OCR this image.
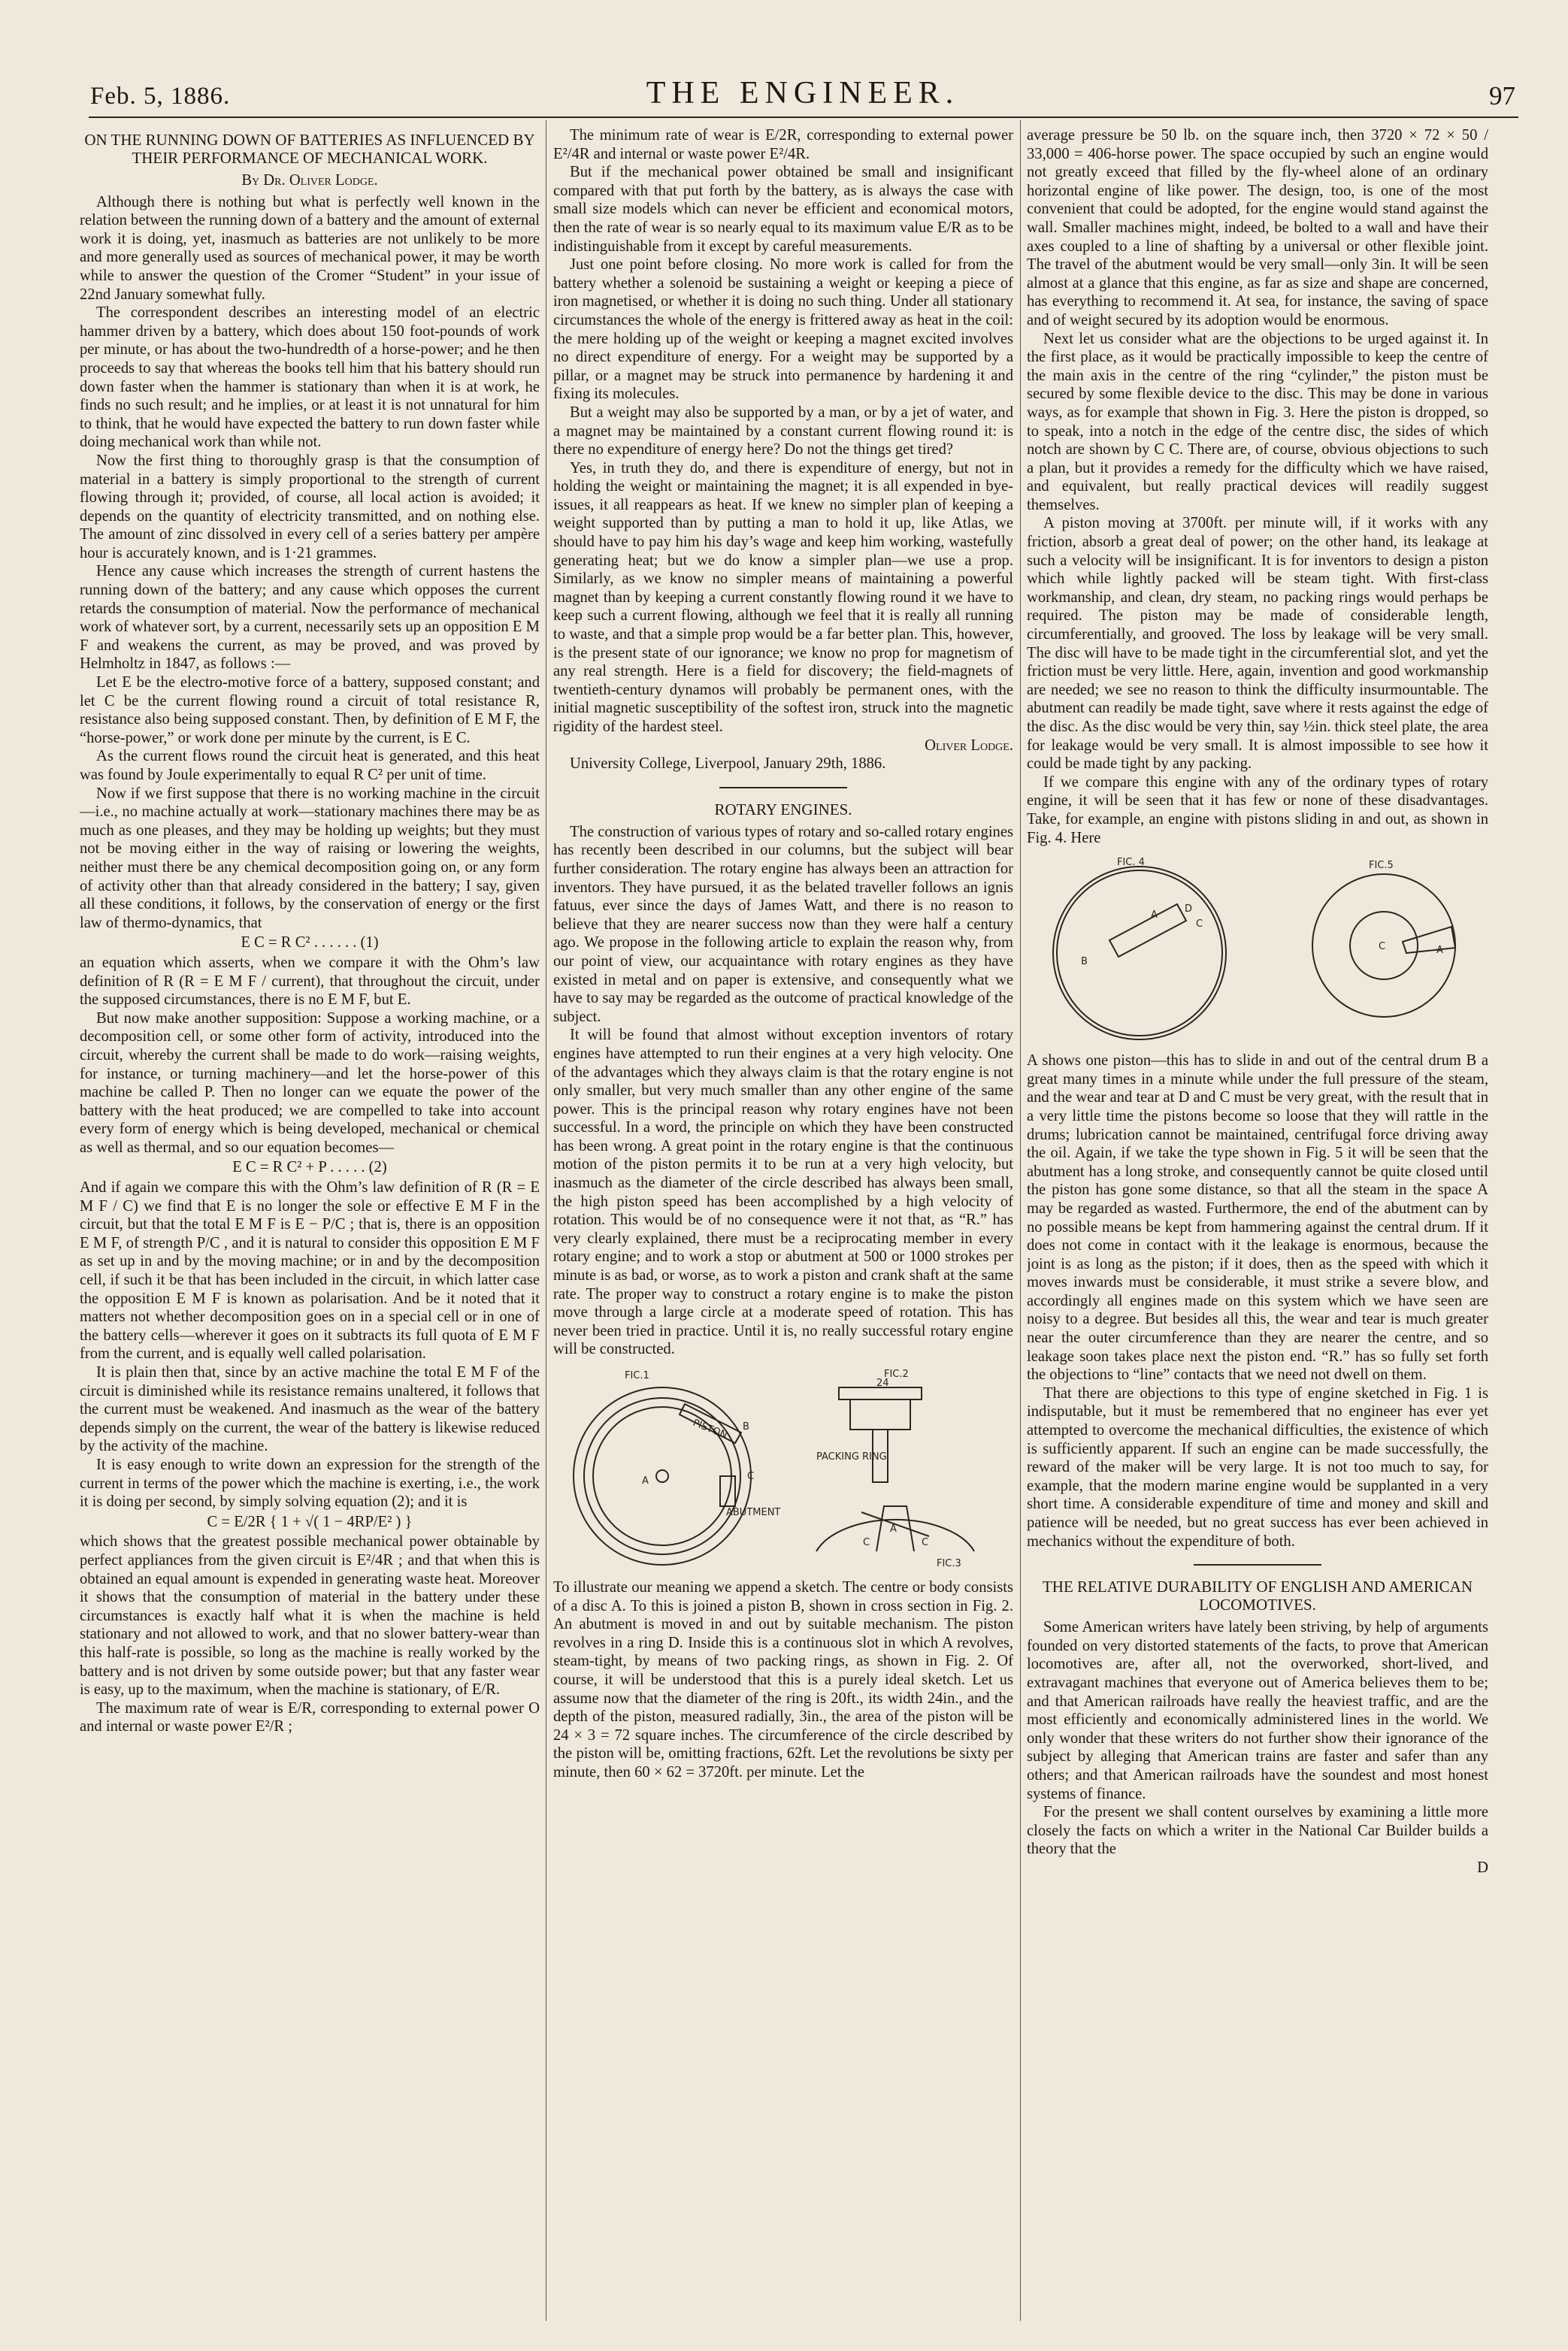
Feb. 5, 1886.	THE ENGINEER.	97
ON THE RUNNING DOWN OF BATTERIES AS INFLUENCED BY THEIR PERFORMANCE OF MECHANICAL WORK.
By Dr. Oliver Lodge.

Although there is nothing but what is perfectly well known in the relation between the running down of a battery and the amount of external work it is doing, yet, inasmuch as batteries are not unlikely to be more and more generally used as sources of mechanical power, it may be worth while to answer the question of the Cromer “Student” in your issue of 22nd January somewhat fully.

The correspondent describes an interesting model of an electric hammer driven by a battery, which does about 150 foot-pounds of work per minute, or has about the two-hundredth of a horse-power; and he then proceeds to say that whereas the books tell him that his battery should run down faster when the hammer is stationary than when it is at work, he finds no such result; and he implies, or at least it is not unnatural for him to think, that he would have expected the battery to run down faster while doing mechanical work than while not.

Now the first thing to thoroughly grasp is that the consumption of material in a battery is simply proportional to the strength of current flowing through it; provided, of course, all local action is avoided; it depends on the quantity of electricity transmitted, and on nothing else. The amount of zinc dissolved in every cell of a series battery per ampère hour is accurately known, and is 1·21 grammes.

Hence any cause which increases the strength of current hastens the running down of the battery; and any cause which opposes the current retards the consumption of material. Now the performance of mechanical work of whatever sort, by a current, necessarily sets up an opposition E M F and weakens the current, as may be proved, and was proved by Helmholtz in 1847, as follows :—

Let E be the electro-motive force of a battery, supposed constant; and let C be the current flowing round a circuit of total resistance R, resistance also being supposed constant. Then, by definition of E M F, the “horse-power,” or work done per minute by the current, is E C.

As the current flows round the circuit heat is generated, and this heat was found by Joule experimentally to equal R C² per unit of time.

Now if we first suppose that there is no working machine in the circuit—i.e., no machine actually at work—stationary machines there may be as much as one pleases, and they may be holding up weights; but they must not be moving either in the way of raising or lowering the weights, neither must there be any chemical decomposition going on, or any form of activity other than that already considered in the battery; I say, given all these conditions, it follows, by the conservation of energy or the first law of thermo-dynamics, that

E C = R C² . . . . . . (1)

an equation which asserts, when we compare it with the Ohm’s law definition of R (R = E M F / current), that throughout the circuit, under the supposed circumstances, there is no E M F, but E.

But now make another supposition: Suppose a working machine, or a decomposition cell, or some other form of activity, introduced into the circuit, whereby the current shall be made to do work—raising weights, for instance, or turning machinery—and let the horse-power of this machine be called P. Then no longer can we equate the power of the battery with the heat produced; we are compelled to take into account every form of energy which is being developed, mechanical or chemical as well as thermal, and so our equation becomes—

E C = R C² + P . . . . . (2)

And if again we compare this with the Ohm’s law definition of R (R = E M F / C) we find that E is no longer the sole or effective E M F in the circuit, but that the total E M F is E − P/C ; that is, there is an opposition E M F, of strength P/C , and it is natural to consider this opposition E M F as set up in and by the moving machine; or in and by the decomposition cell, if such it be that has been included in the circuit, in which latter case the opposition E M F is known as polarisation. And be it noted that it matters not whether decomposition goes on in a special cell or in one of the battery cells—wherever it goes on it subtracts its full quota of E M F from the current, and is equally well called polarisation.

It is plain then that, since by an active machine the total E M F of the circuit is diminished while its resistance remains unaltered, it follows that the current must be weakened. And inasmuch as the wear of the battery depends simply on the current, the wear of the battery is likewise reduced by the activity of the machine.

It is easy enough to write down an expression for the strength of the current in terms of the power which the machine is exerting, i.e., the work it is doing per second, by simply solving equation (2); and it is

C = E/2R { 1 + √( 1 − 4RP/E² ) }

which shows that the greatest possible mechanical power obtainable by perfect appliances from the given circuit is E²/4R ; and that when this is obtained an equal amount is expended in generating waste heat. Moreover it shows that the consumption of material in the battery under these circumstances is exactly half what it is when the machine is held stationary and not allowed to work, and that no slower battery-wear than this half-rate is possible, so long as the machine is really worked by the battery and is not driven by some outside power; but that any faster wear is easy, up to the maximum, when the machine is stationary, of E/R.

The maximum rate of wear is E/R, corresponding to external power O and internal or waste power E²/R ;

The minimum rate of wear is E/2R, corresponding to external power E²/4R and internal or waste power E²/4R.

But if the mechanical power obtained be small and insignificant compared with that put forth by the battery, as is always the case with small size models which can never be efficient and economical motors, then the rate of wear is so nearly equal to its maximum value E/R as to be indistinguishable from it except by careful measurements.

Just one point before closing. No more work is called for from the battery whether a solenoid be sustaining a weight or keeping a piece of iron magnetised, or whether it is doing no such thing. Under all stationary circumstances the whole of the energy is frittered away as heat in the coil: the mere holding up of the weight or keeping a magnet excited involves no direct expenditure of energy. For a weight may be supported by a pillar, or a magnet may be struck into permanence by hardening it and fixing its molecules.

But a weight may also be supported by a man, or by a jet of water, and a magnet may be maintained by a constant current flowing round it: is there no expenditure of energy here? Do not the things get tired?

Yes, in truth they do, and there is expenditure of energy, but not in holding the weight or maintaining the magnet; it is all expended in bye-issues, it all reappears as heat. If we knew no simpler plan of keeping a weight supported than by putting a man to hold it up, like Atlas, we should have to pay him his day’s wage and keep him working, wastefully generating heat; but we do know a simpler plan—we use a prop. Similarly, as we know no simpler means of maintaining a powerful magnet than by keeping a current constantly flowing round it we have to keep such a current flowing, although we feel that it is really all running to waste, and that a simple prop would be a far better plan. This, however, is the present state of our ignorance; we know no prop for magnetism of any real strength. Here is a field for discovery; the field-magnets of twentieth-century dynamos will probably be permanent ones, with the initial magnetic susceptibility of the softest iron, struck into the magnetic rigidity of the hardest steel.

Oliver Lodge.

University College, Liverpool, January 29th, 1886.

ROTARY ENGINES.

The construction of various types of rotary and so-called rotary engines has recently been described in our columns, but the subject will bear further consideration. The rotary engine has always been an attraction for inventors. They have pursued, it as the belated traveller follows an ignis fatuus, ever since the days of James Watt, and there is no reason to believe that they are nearer success now than they were half a century ago. We propose in the following article to explain the reason why, from our point of view, our acquaintance with rotary engines as they have existed in metal and on paper is extensive, and consequently what we have to say may be regarded as the outcome of practical knowledge of the subject.

It will be found that almost without exception inventors of rotary engines have attempted to run their engines at a very high velocity. One of the advantages which they always claim is that the rotary engine is not only smaller, but very much smaller than any other engine of the same power. This is the principal reason why rotary engines have not been successful. In a word, the principle on which they have been constructed has been wrong. A great point in the rotary engine is that the continuous motion of the piston permits it to be run at a very high velocity, but inasmuch as the diameter of the circle described has always been small, the high piston speed has been accomplished by a high velocity of rotation. This would be of no consequence were it not that, as “R.” has very clearly explained, there must be a reciprocating member in every rotary engine; and to work a stop or abutment at 500 or 1000 strokes per minute is as bad, or worse, as to work a piston and crank shaft at the same rate. The proper way to construct a rotary engine is to make the piston move through a large circle at a moderate speed of rotation. This has never been tried in practice. Until it is, no really successful rotary engine will be constructed.

FIC.1	FIC.2
24
PISTON
PACKING RING
ABUTMENT
A
B
C
A
C	C
FIC.3

To illustrate our meaning we append a sketch. The centre or body consists of a disc A. To this is joined a piston B, shown in cross section in Fig. 2. An abutment is moved in and out by suitable mechanism. The piston revolves in a ring D. Inside this is a continuous slot in which A revolves, steam-tight, by means of two packing rings, as shown in Fig. 2. Of course, it will be understood that this is a purely ideal sketch. Let us assume now that the diameter of the ring is 20ft., its width 24in., and the depth of the piston, measured radially, 3in., the area of the piston will be 24 × 3 = 72 square inches. The circumference of the circle described by the piston will be, omitting fractions, 62ft. Let the revolutions be sixty per minute, then 60 × 62 = 3720ft. per minute. Let the

average pressure be 50 lb. on the square inch, then 3720 × 72 × 50 / 33,000 = 406-horse power. The space occupied by such an engine would not greatly exceed that filled by the fly-wheel alone of an ordinary horizontal engine of like power. The design, too, is one of the most convenient that could be adopted, for the engine would stand against the wall. Smaller machines might, indeed, be bolted to a wall and have their axes coupled to a line of shafting by a universal or other flexible joint. The travel of the abutment would be very small—only 3in. It will be seen almost at a glance that this engine, as far as size and shape are concerned, has everything to recommend it. At sea, for instance, the saving of space and of weight secured by its adoption would be enormous.

Next let us consider what are the objections to be urged against it. In the first place, as it would be practically impossible to keep the centre of the main axis in the centre of the ring “cylinder,” the piston must be secured by some flexible device to the disc. This may be done in various ways, as for example that shown in Fig. 3. Here the piston is dropped, so to speak, into a notch in the edge of the centre disc, the sides of which notch are shown by C C. There are, of course, obvious objections to such a plan, but it provides a remedy for the difficulty which we have raised, and equivalent, but really practical devices will readily suggest themselves.

A piston moving at 3700ft. per minute will, if it works with any friction, absorb a great deal of power; on the other hand, its leakage at such a velocity will be insignificant. It is for inventors to design a piston which while lightly packed will be steam tight. With first-class workmanship, and clean, dry steam, no packing rings would perhaps be required. The piston may be made of considerable length, circumferentially, and grooved. The loss by leakage will be very small. The disc will have to be made tight in the circumferential slot, and yet the friction must be very little. Here, again, invention and good workmanship are needed; we see no reason to think the difficulty insurmountable. The abutment can readily be made tight, save where it rests against the edge of the disc. As the disc would be very thin, say ½in. thick steel plate, the area for leakage would be very small. It is almost impossible to see how it could be made tight by any packing.

If we compare this engine with any of the ordinary types of rotary engine, it will be seen that it has few or none of these disadvantages. Take, for example, an engine with pistons sliding in and out, as shown in Fig. 4. Here

FIC. 4	FIC.5
A
B
C
D
C	A

A shows one piston—this has to slide in and out of the central drum B a great many times in a minute while under the full pressure of the steam, and the wear and tear at D and C must be very great, with the result that in a very little time the pistons become so loose that they will rattle in the drums; lubrication cannot be maintained, centrifugal force driving away the oil. Again, if we take the type shown in Fig. 5 it will be seen that the abutment has a long stroke, and consequently cannot be quite closed until the piston has gone some distance, so that all the steam in the space A may be regarded as wasted. Furthermore, the end of the abutment can by no possible means be kept from hammering against the central drum. If it does not come in contact with it the leakage is enormous, because the joint is as long as the piston; if it does, then as the speed with which it moves inwards must be considerable, it must strike a severe blow, and accordingly all engines made on this system which we have seen are noisy to a degree. But besides all this, the wear and tear is much greater near the outer circumference than they are nearer the centre, and so leakage soon takes place next the piston end. “R.” has so fully set forth the objections to “line” contacts that we need not dwell on them.

That there are objections to this type of engine sketched in Fig. 1 is indisputable, but it must be remembered that no engineer has ever yet attempted to overcome the mechanical difficulties, the existence of which is sufficiently apparent. If such an engine can be made successfully, the reward of the maker will be very large. It is not too much to say, for example, that the modern marine engine would be supplanted in a very short time. A considerable expenditure of time and money and skill and patience will be needed, but no great success has ever been achieved in mechanics without the expenditure of both.

THE RELATIVE DURABILITY OF ENGLISH AND AMERICAN LOCOMOTIVES.

Some American writers have lately been striving, by help of arguments founded on very distorted statements of the facts, to prove that American locomotives are, after all, not the overworked, short-lived, and extravagant machines that everyone out of America believes them to be; and that American railroads have really the heaviest traffic, and are the most efficiently and economically administered lines in the world. We only wonder that these writers do not further show their ignorance of the subject by alleging that American trains are faster and safer than any others; and that American railroads have the soundest and most honest systems of finance.

For the present we shall content ourselves by examining a little more closely the facts on which a writer in the National Car Builder builds a theory that the

D
